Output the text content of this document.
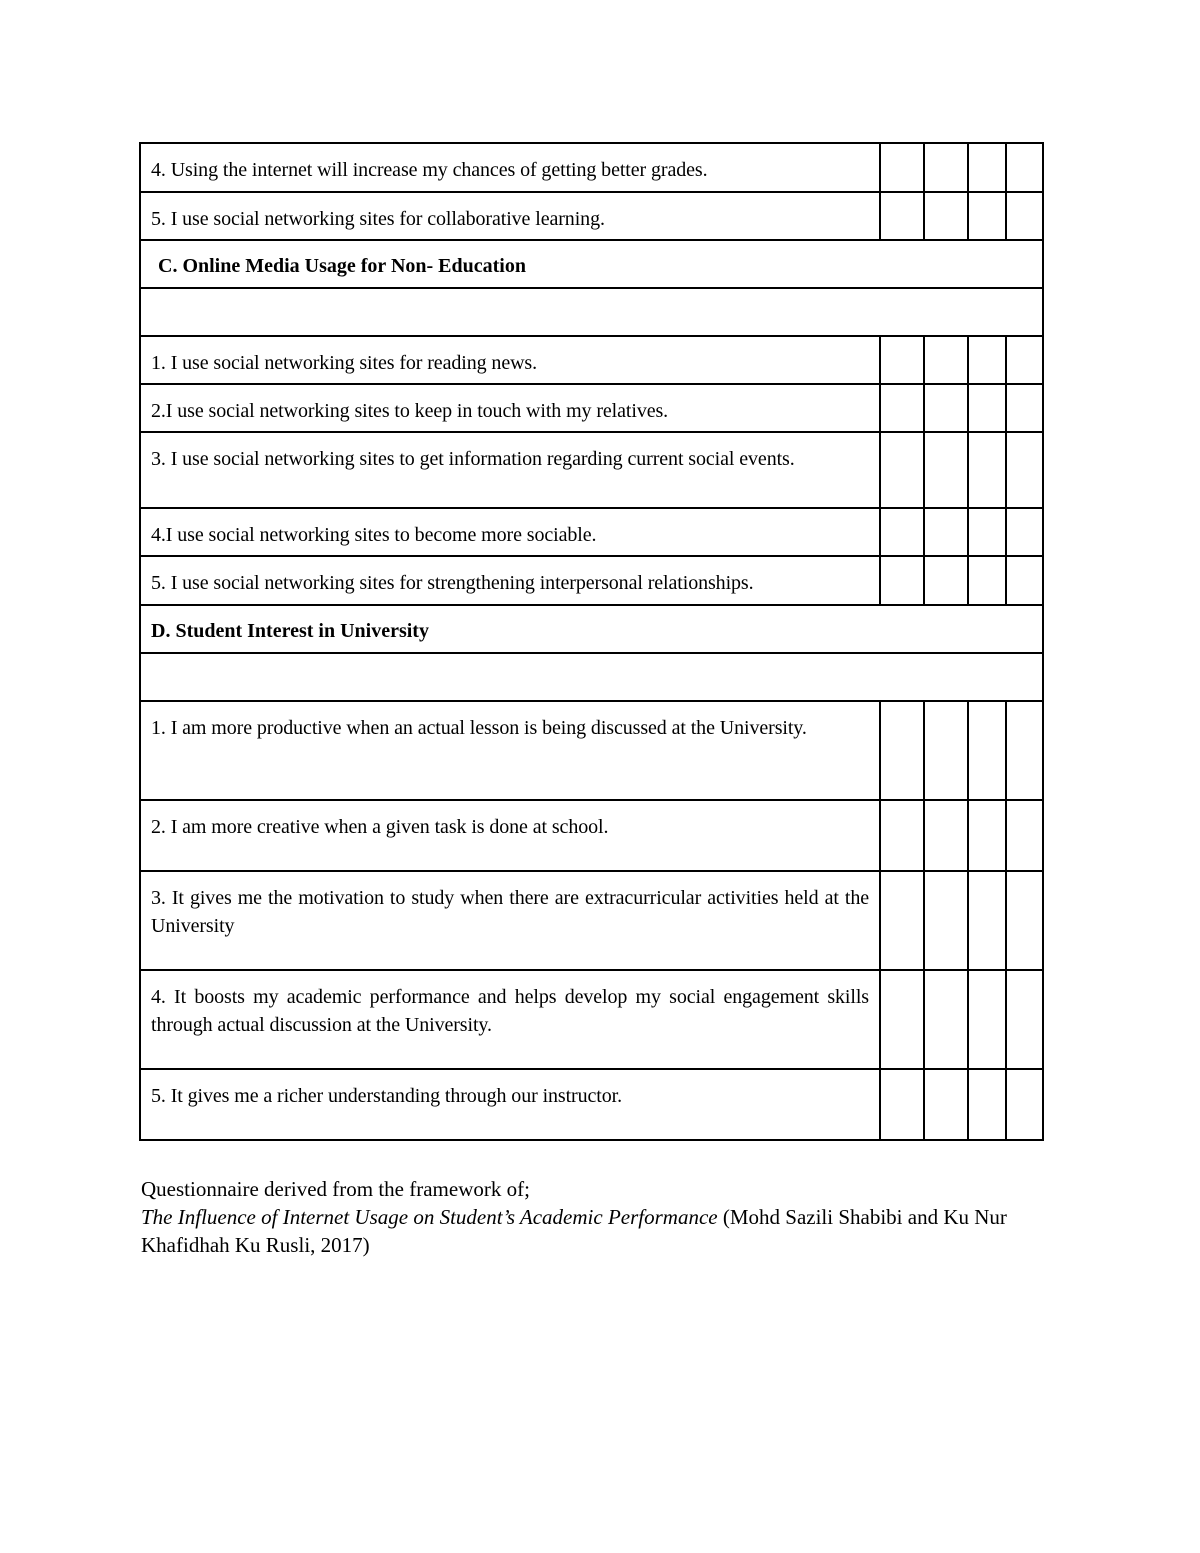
4. Using the internet will increase my chances of getting better grades.				
5. I use social networking sites for collaborative learning.				
C. Online Media Usage for Non- Education				

1. I use social networking sites for reading news.				
2.I use social networking sites to keep in touch with my relatives.				
3. I use social networking sites to get information regarding current social events.				
4.I use social networking sites to become more sociable.				
5. I use social networking sites for strengthening interpersonal relationships.				
D. Student Interest in University				

1. I am more productive when an actual lesson is being discussed at the University.				
2. I am more creative when a given task is done at school.				
3. It gives me the motivation to study when there are extracurricular activities held at the University				
4. It boosts my academic performance and helps develop my social engagement skills through actual discussion at the University.				
5. It gives me a richer understanding through our instructor.				
Questionnaire derived from the framework of;
The Influence of Internet Usage on Student’s Academic Performance (Mohd Sazili Shabibi and Ku Nur Khafidhah Ku Rusli, 2017)
